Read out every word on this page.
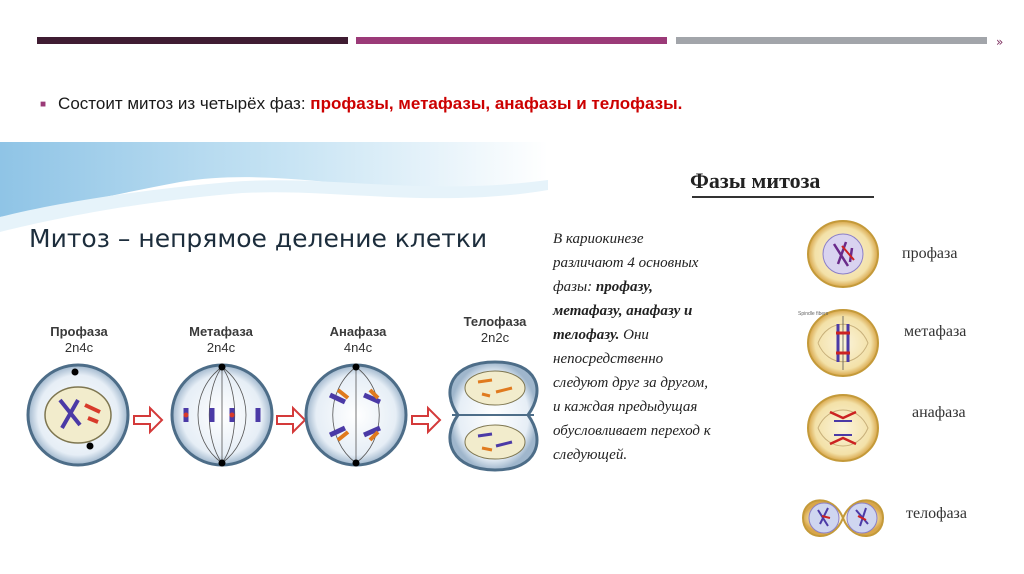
»
■ Состоит митоз из четырёх фаз: профазы, метафазы, анафазы и телофазы.
Митоз – непрямое деление клетки
Профаза
2n4c
Метафаза
2n4c
Анафаза
4n4c
Телофаза
2n2c
Фазы митоза
В кариокинезе
различают 4 основных
фазы: профазу,
метафазу, анафазу и
телофазу. Они
непосредственно
следуют друг за другом,
и каждая предыдущая
обусловливает переход к
следующей.
Spindle fibers
профаза
метафаза
анафаза
телофаза
